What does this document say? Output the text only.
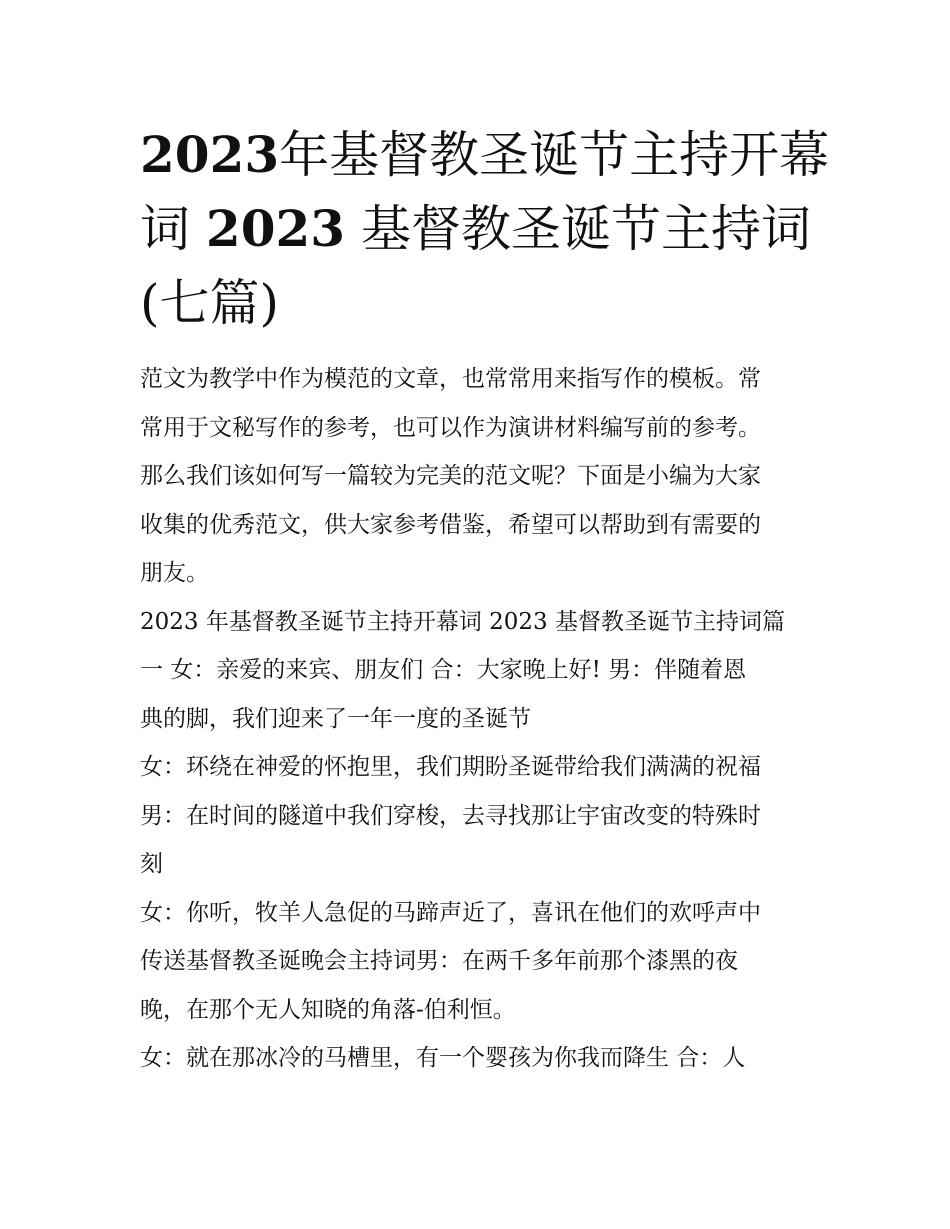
2023年基督教圣诞节主持开幕
词 2023 基督教圣诞节主持词
(七篇)
范文为教学中作为模范的文章，也常常用来指写作的模板。常
常用于文秘写作的参考，也可以作为演讲材料编写前的参考。
那么我们该如何写一篇较为完美的范文呢？下面是小编为大家
收集的优秀范文，供大家参考借鉴，希望可以帮助到有需要的
朋友。
2023 年基督教圣诞节主持开幕词 2023 基督教圣诞节主持词篇
一 女：亲爱的来宾、朋友们 合：大家晚上好! 男：伴随着恩
典的脚，我们迎来了一年一度的圣诞节
女：环绕在神爱的怀抱里，我们期盼圣诞带给我们满满的祝福
男：在时间的隧道中我们穿梭，去寻找那让宇宙改变的特殊时
刻
女：你听，牧羊人急促的马蹄声近了，喜讯在他们的欢呼声中
传送基督教圣诞晚会主持词男：在两千多年前那个漆黑的夜
晚，在那个无人知晓的角落-伯利恒。
女：就在那冰冷的马槽里，有一个婴孩为你我而降生 合：人
